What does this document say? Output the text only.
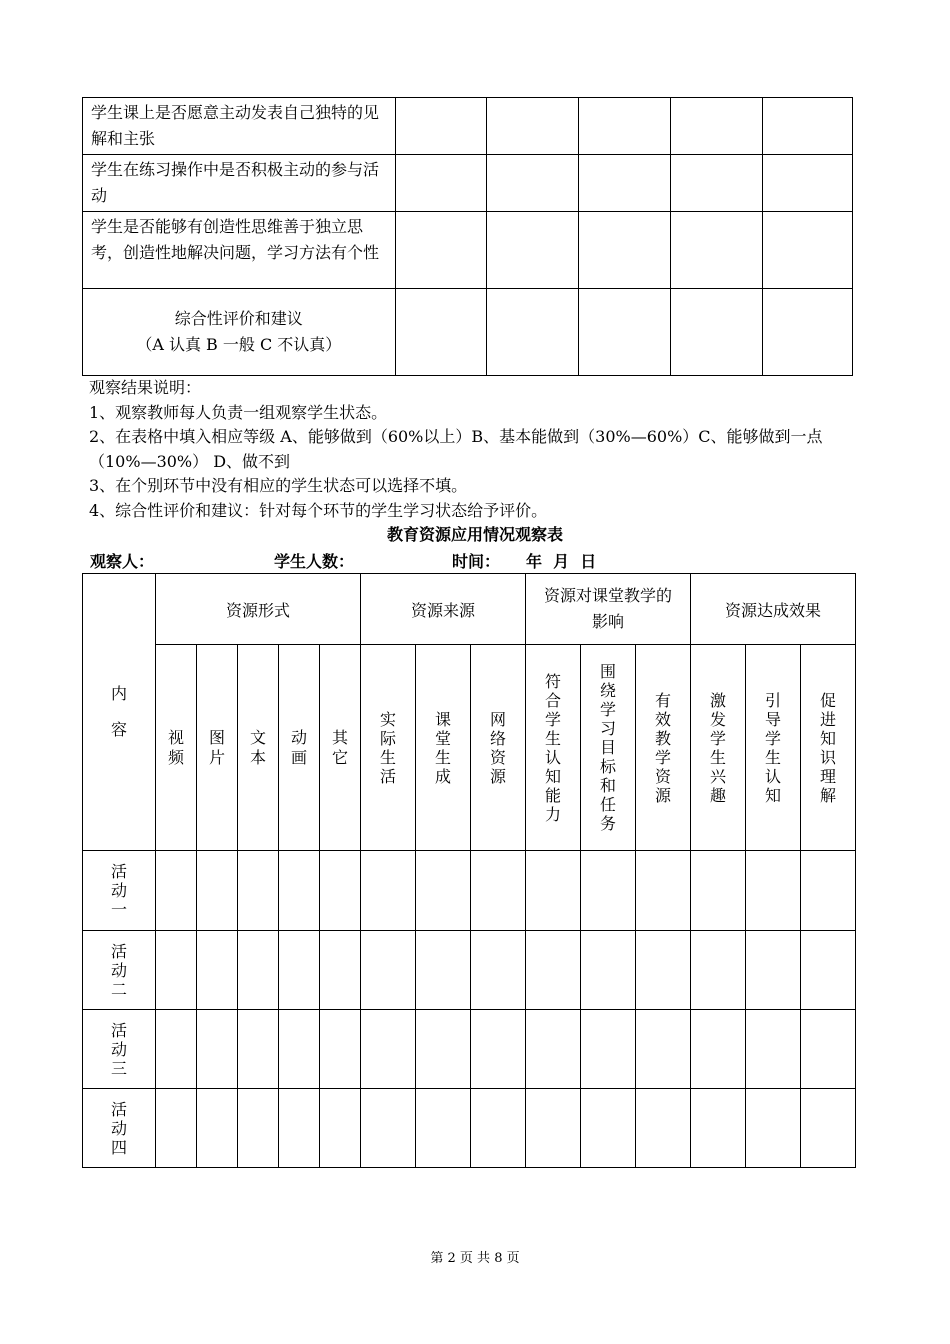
学生课上是否愿意主动发表自己独特的见解和主张					
学生在练习操作中是否积极主动的参与活动					
学生是否能够有创造性思维善于独立思考，创造性地解决问题，学习方法有个性					

综合性评价和建议
（A 认真 B 一般 C 不认真）					

观察结果说明：
1、观察教师每人负责一组观察学生状态。
2、在表格中填入相应等级 A、能够做到（60%以上）B、基本能做到（30%—60%）C、能够做到一点（10%—30%） D、做不到
3、在个别环节中没有相应的学生状态可以选择不填。
4、综合性评价和建议：针对每个环节的学生学习状态给予评价。
教育资源应用情况观察表
观察人：	学生人数：	时间： 年  月  日
内容	资源形式					资源来源			资源对课堂教学的影响			资源达成效果		
	视频	图片	文本	动画	其它	实际生活	课堂生成	网络资源	符合学生认知能力	围绕学习目标和任务	有效教学资源	激发学生兴趣	引导学生认知	促进知识理解
活动一														
活动二														
活动三														
活动四														
第 2 页 共 8 页
